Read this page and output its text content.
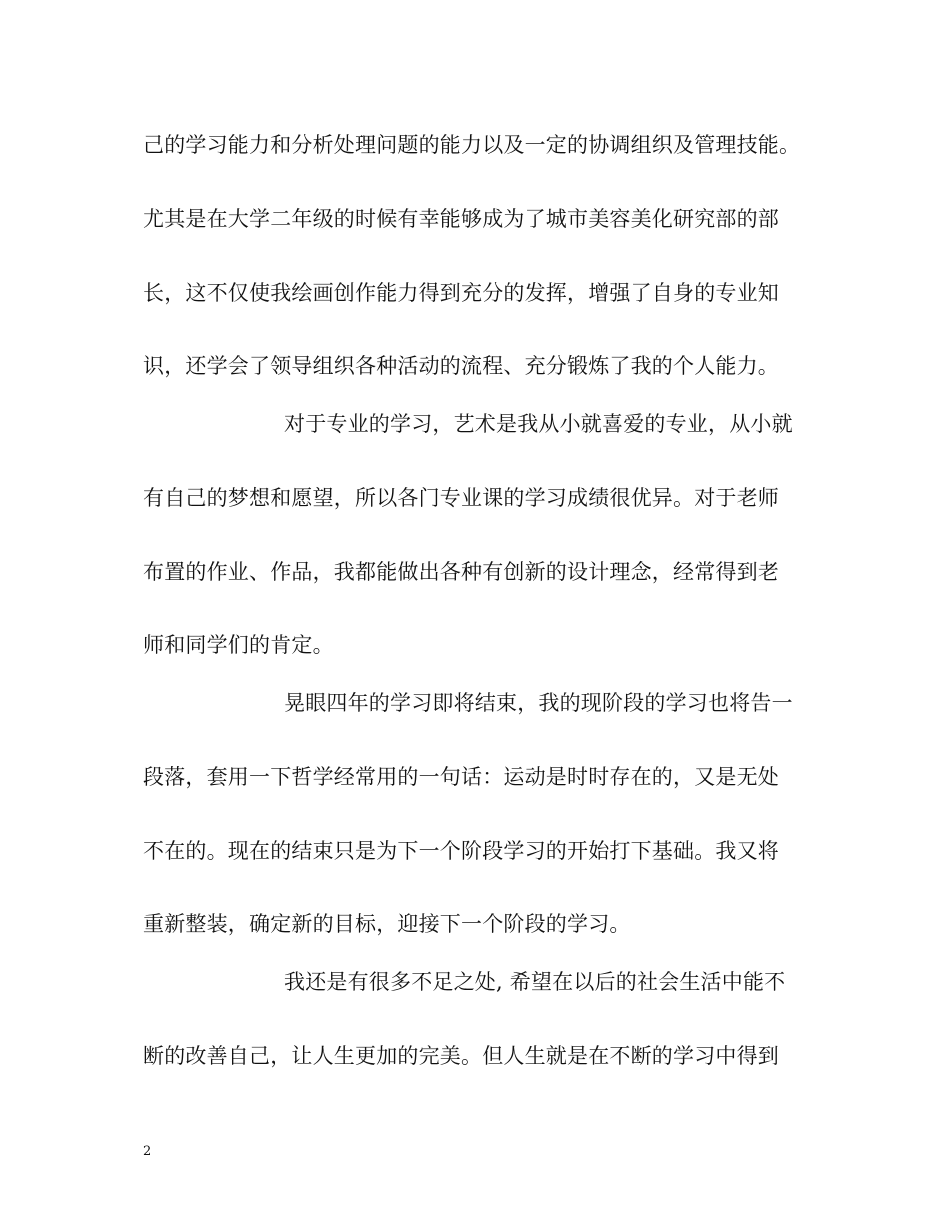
己的学习能力和分析处理问题的能力以及一定的协调组织及管理技能。
尤其是在大学二年级的时候有幸能够成为了城市美容美化研究部的部
长，这不仅使我绘画创作能力得到充分的发挥，增强了自身的专业知
识，还学会了领导组织各种活动的流程、充分锻炼了我的个人能力。
对于专业的学习，艺术是我从小就喜爱的专业，从小就
有自己的梦想和愿望，所以各门专业课的学习成绩很优异。对于老师
布置的作业、作品，我都能做出各种有创新的设计理念，经常得到老
师和同学们的肯定。
晃眼四年的学习即将结束，我的现阶段的学习也将告一
段落，套用一下哲学经常用的一句话：运动是时时存在的，又是无处
不在的。现在的结束只是为下一个阶段学习的开始打下基础。我又将
重新整装，确定新的目标，迎接下一个阶段的学习。
我还是有很多不足之处, 希望在以后的社会生活中能不
断的改善自己，让人生更加的完美。但人生就是在不断的学习中得到
2
